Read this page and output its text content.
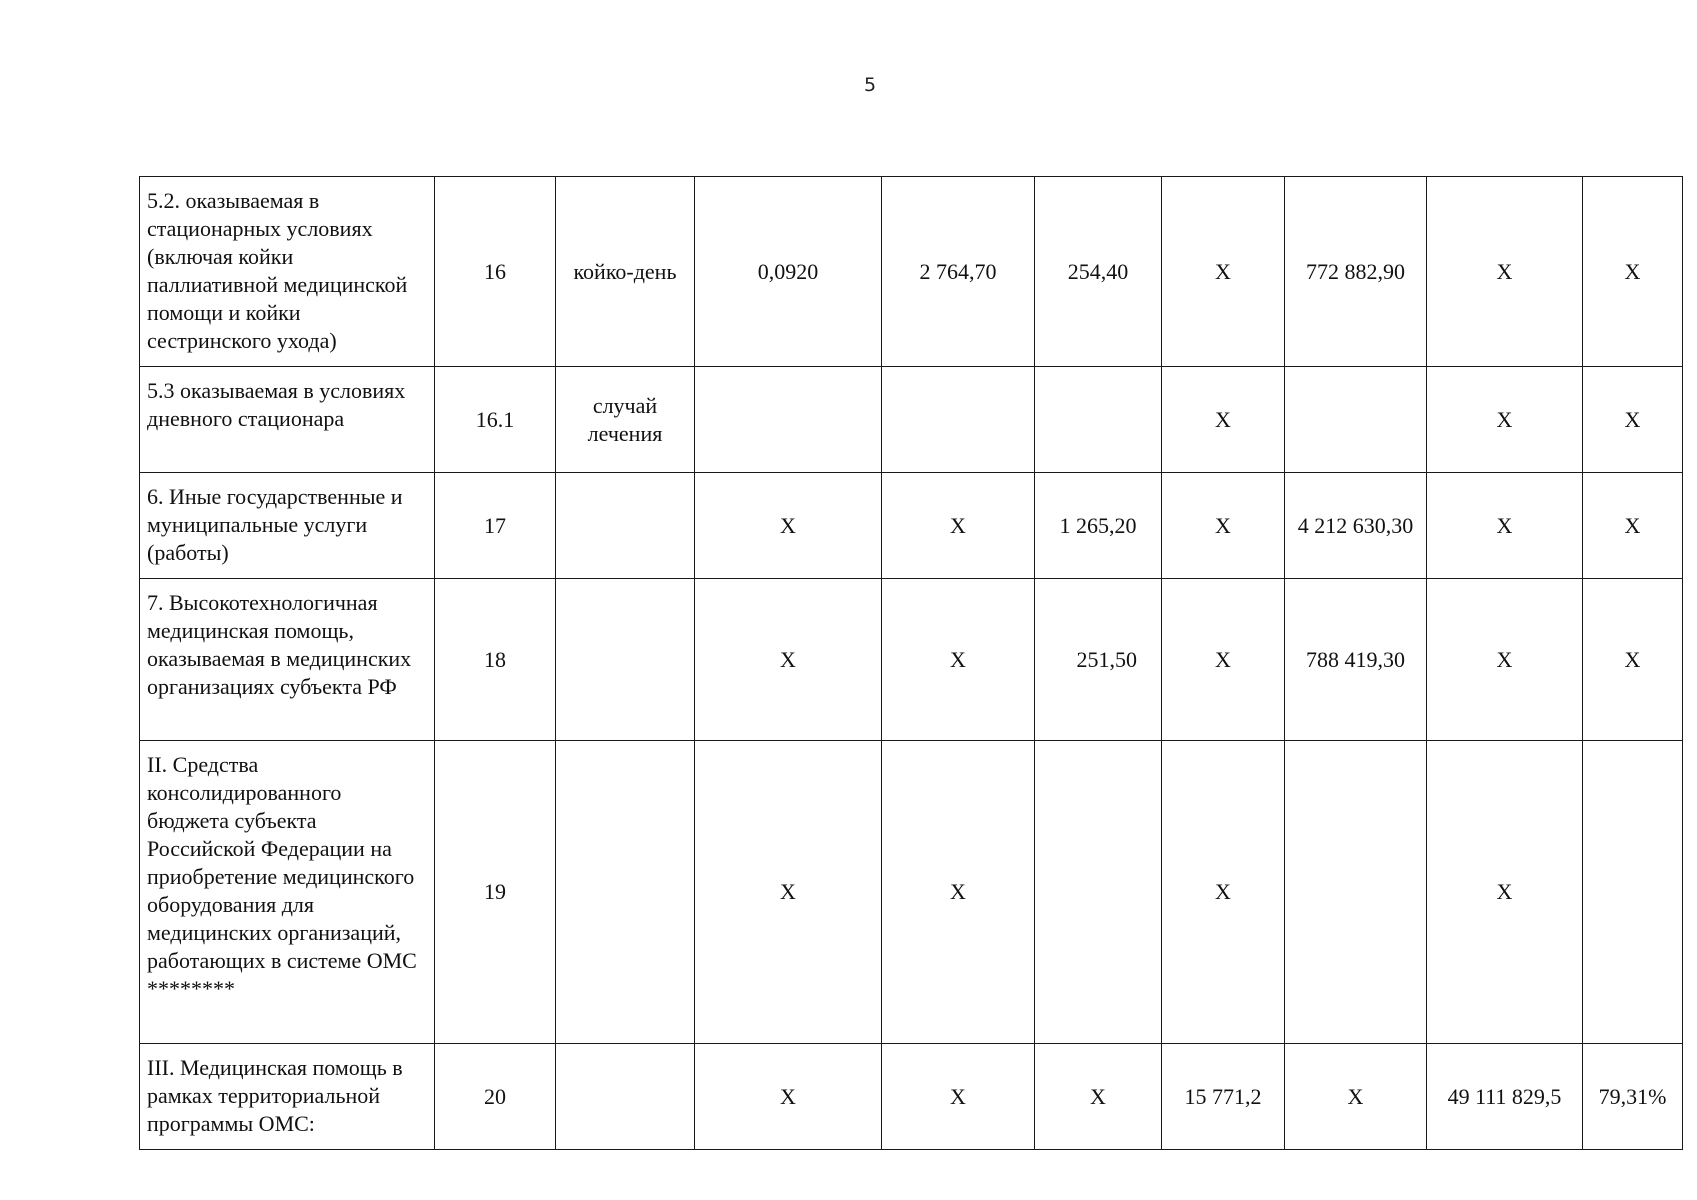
5
5.2. оказываемая в стационарных условиях (включая койки паллиативной медицинской помощи и койки сестринского ухода)	16	койко-день	0,0920	2 764,70	254,40	Х	772 882,90	Х	Х
5.3 оказываемая в условиях дневного стационара	16.1	случай лечения				Х		Х	Х
6. Иные государственные и муниципальные услуги (работы)	17		Х	Х	1 265,20	Х	4 212 630,30	Х	Х
7. Высокотехнологичная медицинская помощь, оказываемая в медицинских организациях субъекта РФ	18		Х	Х	251,50	Х	788 419,30	Х	Х
II. Средства консолидированного бюджета субъекта Российской Федерации на приобретение медицинского оборудования для медицинских организаций, работающих в системе ОМС ********	19		Х	Х		Х		Х	
III. Медицинская помощь в рамках территориальной программы ОМС:	20		Х	Х	Х	15 771,2	Х	49 111 829,5	79,31%
